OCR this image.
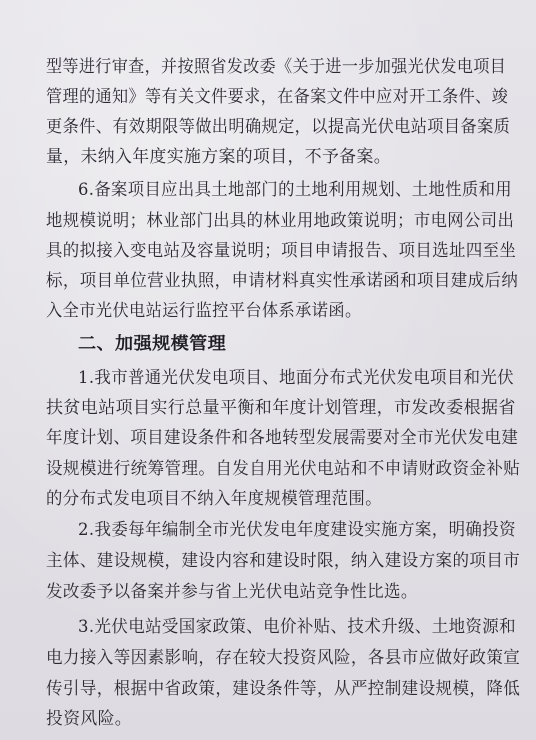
型等进行审查，并按照省发改委《关于进一步加强光伏发电项目
管理的通知》等有关文件要求，在备案文件中应对开工条件、竣
更条件、有效期限等做出明确规定，以提高光伏电站项目备案质
量，未纳入年度实施方案的项目，不予备案。
6.备案项目应出具土地部门的土地利用规划、土地性质和用
地规模说明；林业部门出具的林业用地政策说明；市电网公司出
具的拟接入变电站及容量说明；项目申请报告、项目选址四至坐
标，项目单位营业执照，申请材料真实性承诺函和项目建成后纳
入全市光伏电站运行监控平台体系承诺函。
二、加强规模管理
1.我市普通光伏发电项目、地面分布式光伏发电项目和光伏
扶贫电站项目实行总量平衡和年度计划管理，市发改委根据省
年度计划、项目建设条件和各地转型发展需要对全市光伏发电建
设规模进行统筹管理。自发自用光伏电站和不申请财政资金补贴
的分布式发电项目不纳入年度规模管理范围。
2.我委每年编制全市光伏发电年度建设实施方案，明确投资
主体、建设规模，建设内容和建设时限，纳入建设方案的项目市
发改委予以备案并参与省上光伏电站竞争性比选。
3.光伏电站受国家政策、电价补贴、技术升级、土地资源和
电力接入等因素影响，存在较大投资风险，各县市应做好政策宣
传引导，根据中省政策，建设条件等，从严控制建设规模，降低
投资风险。
